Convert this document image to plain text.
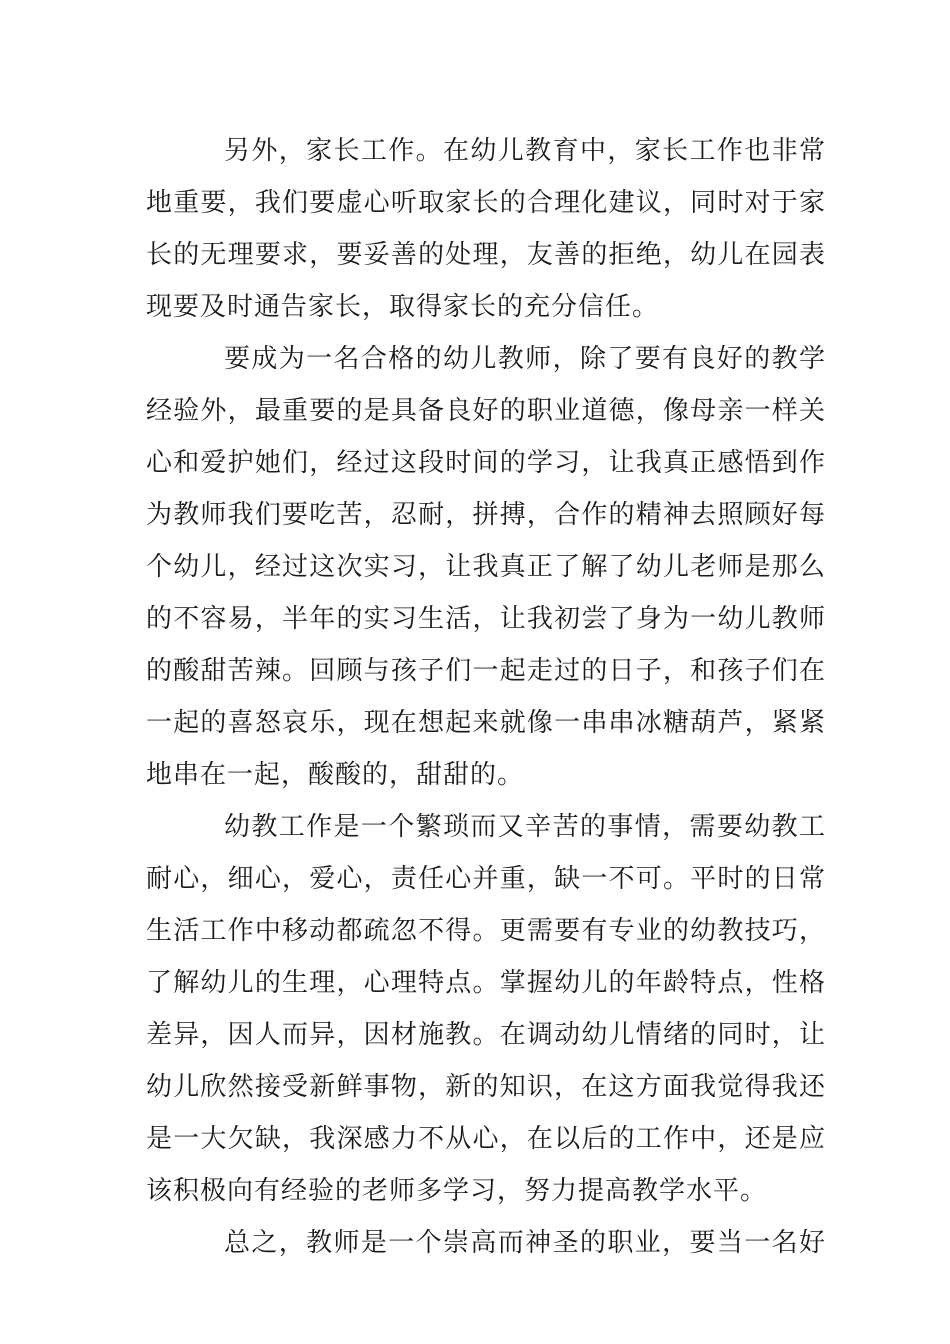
另外，家长工作。在幼儿教育中，家长工作也非常
地重要，我们要虚心听取家长的合理化建议，同时对于家
长的无理要求，要妥善的处理，友善的拒绝，幼儿在园表
现要及时通告家长，取得家长的充分信任。
要成为一名合格的幼儿教师，除了要有良好的教学
经验外，最重要的是具备良好的职业道德，像母亲一样关
心和爱护她们，经过这段时间的学习，让我真正感悟到作
为教师我们要吃苦，忍耐，拼搏，合作的精神去照顾好每
个幼儿，经过这次实习，让我真正了解了幼儿老师是那么
的不容易，半年的实习生活，让我初尝了身为一幼儿教师
的酸甜苦辣。回顾与孩子们一起走过的日子，和孩子们在
一起的喜怒哀乐，现在想起来就像一串串冰糖葫芦，紧紧
地串在一起，酸酸的，甜甜的。
幼教工作是一个繁琐而又辛苦的事情，需要幼教工
耐心，细心，爱心，责任心并重，缺一不可。平时的日常
生活工作中移动都疏忽不得。更需要有专业的幼教技巧，
了解幼儿的生理，心理特点。掌握幼儿的年龄特点，性格
差异，因人而异，因材施教。在调动幼儿情绪的同时，让
幼儿欣然接受新鲜事物，新的知识，在这方面我觉得我还
是一大欠缺，我深感力不从心，在以后的工作中，还是应
该积极向有经验的老师多学习，努力提高教学水平。
总之，教师是一个崇高而神圣的职业，要当一名好
